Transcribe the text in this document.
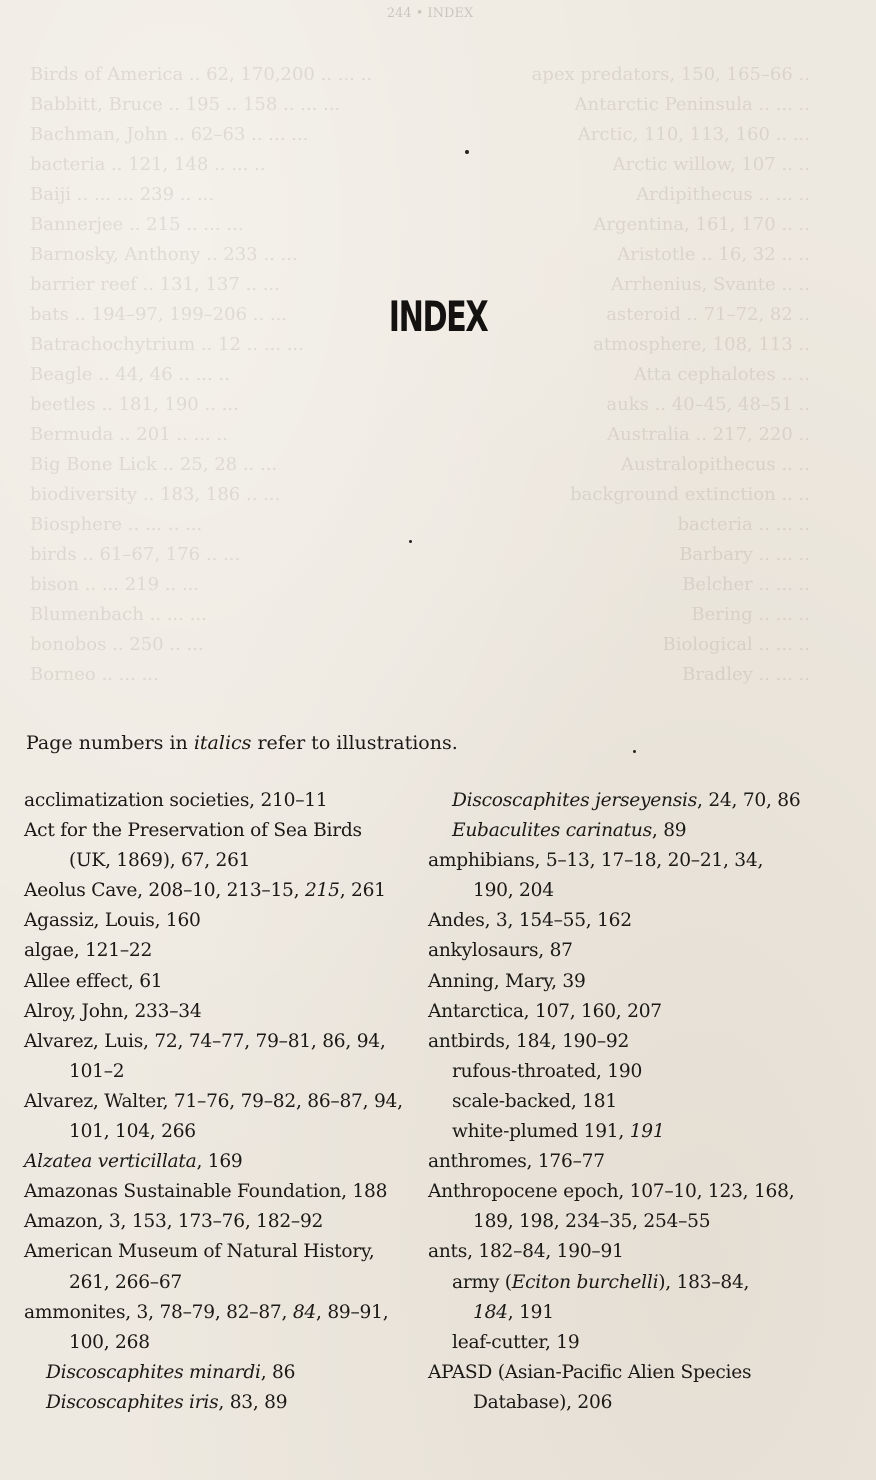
244 • INDEX
Birds of America .. 62, 170,200 .. ... ..	apex predators, 150, 165–66 ..
Babbitt, Bruce .. 195 .. 158 .. ... ...	Antarctic Peninsula .. ... ..
Bachman, John .. 62–63 .. ... ...	Arctic, 110, 113, 160 .. ...
bacteria .. 121, 148 .. ... ..	Arctic willow, 107 .. ..
Baiji .. ... ... 239 .. ...	Ardipithecus .. ... ..
Bannerjee .. 215 .. ... ...	Argentina, 161, 170 .. ..
Barnosky, Anthony .. 233 .. ...	Aristotle .. 16, 32 .. ..
barrier reef .. 131, 137 .. ...	Arrhenius, Svante .. ..
bats .. 194–97, 199–206 .. ...	asteroid .. 71–72, 82 ..
Batrachochytrium .. 12 .. ... ...	atmosphere, 108, 113 ..
Beagle .. 44, 46 .. ... ..	Atta cephalotes .. ..
beetles .. 181, 190 .. ...	auks .. 40–45, 48–51 ..
Bermuda .. 201 .. ... ..	Australia .. 217, 220 ..
Big Bone Lick .. 25, 28 .. ...	Australopithecus .. ..
biodiversity .. 183, 186 .. ...	background extinction .. ..
Biosphere .. ... .. ...	bacteria .. ... ..
birds .. 61–67, 176 .. ...	Barbary .. ... ..
bison .. ... 219 .. ...	Belcher .. ... ..
Blumenbach .. ... ...	Bering .. ... ..
bonobos .. 250 .. ...	Biological .. ... ..
Borneo .. ... ...	Bradley .. ... ..
INDEX
Page numbers in italics refer to illustrations.
acclimatization societies, 210–11
Act for the Preservation of Sea Birds
(UK, 1869), 67, 261
Aeolus Cave, 208–10, 213–15, 215, 261
Agassiz, Louis, 160
algae, 121–22
Allee effect, 61
Alroy, John, 233–34
Alvarez, Luis, 72, 74–77, 79–81, 86, 94,
101–2
Alvarez, Walter, 71–76, 79–82, 86–87, 94,
101, 104, 266
Alzatea verticillata, 169
Amazonas Sustainable Foundation, 188
Amazon, 3, 153, 173–76, 182–92
American Museum of Natural History,
261, 266–67
ammonites, 3, 78–79, 82–87, 84, 89–91,
100, 268
Discoscaphites minardi, 86
Discoscaphites iris, 83, 89
Discoscaphites jerseyensis, 24, 70, 86
Eubaculites carinatus, 89
amphibians, 5–13, 17–18, 20–21, 34,
190, 204
Andes, 3, 154–55, 162
ankylosaurs, 87
Anning, Mary, 39
Antarctica, 107, 160, 207
antbirds, 184, 190–92
rufous-throated, 190
scale-backed, 181
white-plumed 191, 191
anthromes, 176–77
Anthropocene epoch, 107–10, 123, 168,
189, 198, 234–35, 254–55
ants, 182–84, 190–91
army (Eciton burchelli), 183–84,
184, 191
leaf-cutter, 19
APASD (Asian-Pacific Alien Species
Database), 206
